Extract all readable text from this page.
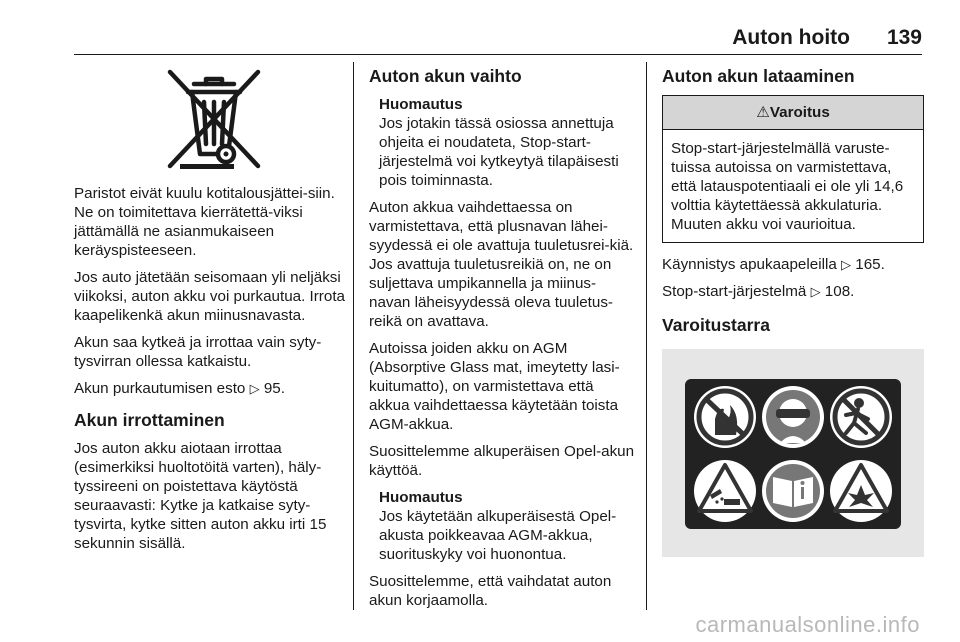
Auton hoito 139

Paristot eivät kuulu kotitalousjättei-siin. Ne on toimitettava kierrätettä-viksi jättämällä ne asianmukaiseen keräyspisteeseen.

Jos auto jätetään seisomaan yli neljäksi viikoksi, auton akku voi purkautua. Irrota kaapelikenkä akun miinusnavasta.

Akun saa kytkeä ja irrottaa vain syty-tysvirran ollessa katkaistu.

Akun purkautumisen esto ▷ 95.

Akun irrottaminen

Jos auton akku aiotaan irrottaa (esimerkiksi huoltotöitä varten), häly-tyssireeni on poistettava käytöstä seuraavasti: Kytke ja katkaise syty-tysvirta, kytke sitten auton akku irti 15 sekunnin sisällä.

Auton akun vaihto
Huomautus
Jos jotakin tässä osiossa annettuja ohjeita ei noudateta, Stop-start-järjestelmä voi kytkeytyä tilapäisesti pois toiminnasta.

Auton akkua vaihdettaessa on varmistettava, että plusnavan lähei-syydessä ei ole avattuja tuuletusrei-kiä. Jos avattuja tuuletusreikiä on, ne on suljettava umpikannella ja miinus-navan läheisyydessä oleva tuuletus-reikä on avattava.

Autoissa joiden akku on AGM (Absorptive Glass mat, imeytetty lasi-kuitumatto), on varmistettava että akkua vaihdettaessa käytetään toista AGM-akkua.

Suosittelemme alkuperäisen Opel-akun käyttöä.

Huomautus
Jos käytetään alkuperäisestä Opel-akusta poikkeavaa AGM-akkua, suorituskyky voi huonontua.

Suosittelemme, että vaihdatat auton akun korjaamolla.

Auton akun lataaminen
⚠Varoitus
Stop-start-järjestelmällä varuste-tuissa autoissa on varmistettava, että latauspotentiaali ei ole yli 14,6 volttia käytettäessä akkulaturia. Muuten akku voi vaurioitua.

Käynnistys apukaapeleilla ▷ 165.

Stop-start-järjestelmä ▷ 108.

Varoitustarra
carmanualsonline.info
